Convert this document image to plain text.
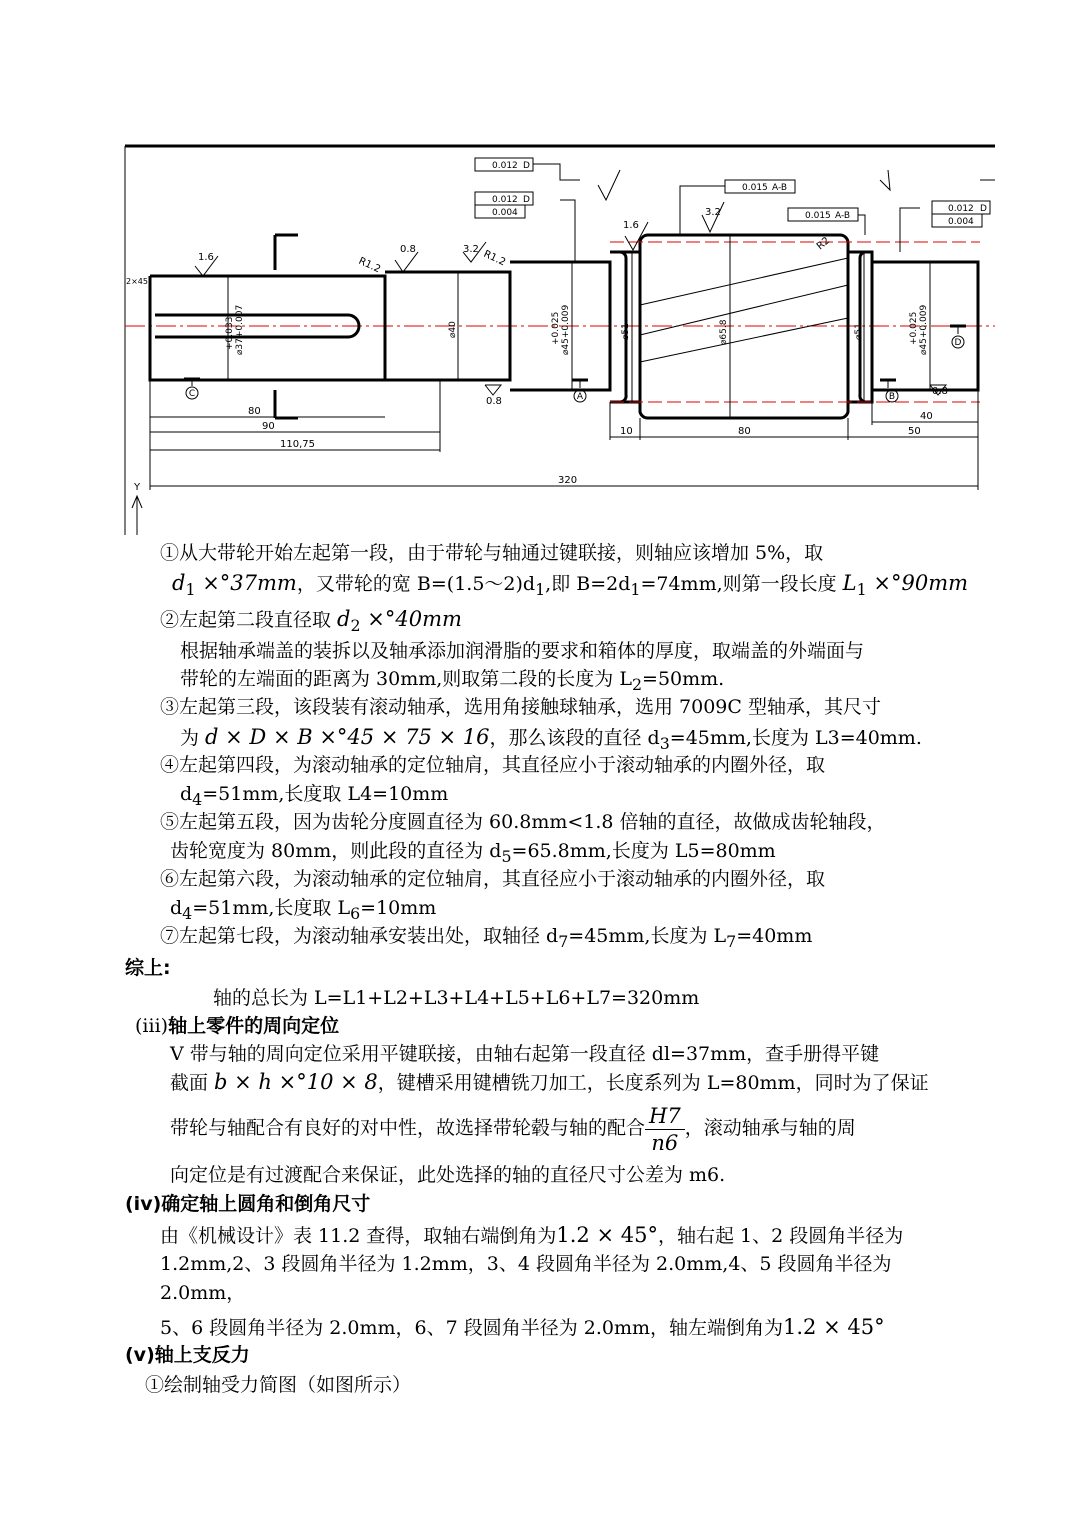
0.012 D
0.012 D
0.004
0.015 A-B
0.015 A-B
0.012 D
0.004
1.6
0.8	3.2
1.6
3.2
0.8
0.8
R1.2	R1.2
R2
2×45°
⌀37+0.007
+0.033	⌀40	⌀45+0.009
+0.025	⌀51	⌀65.8	⌀51	⌀45+0.009
+0.025
80
90
110,75
320
10	80	50
40
Y
C	A	B
D
①从大带轮开始左起第一段，由于带轮与轴通过键联接，则轴应该增加 5%，取
$d_1 \times^\circ 37mm$，又带轮的宽 $B=(1.5\sim 2)d_1$,即 $B=2d_1=74mm$,则第一段长度 $L_1 \times^\circ 90mm$
②左起第二段直径取 $d_2 \times^\circ 40mm$
根据轴承端盖的装拆以及轴承添加润滑脂的要求和箱体的厚度，取端盖的外端面与
带轮的左端面的距离为 30mm,则取第二段的长度为 $L_2=50mm$.
③左起第三段，该段装有滚动轴承，选用角接触球轴承，选用 7009C 型轴承，其尺寸
为 d × D × B ×°45 × 75 × 16，那么该段的直径 $d_3=45mm$,长度为 L3=40mm.
④左起第四段，为滚动轴承的定位轴肩，其直径应小于滚动轴承的内圈外径，取
$d_4=51mm$,长度取 L4=10mm
⑤左起第五段，因为齿轮分度圆直径为 60.8mm<1.8 倍轴的直径，故做成齿轮轴段，
齿轮宽度为 80mm，则此段的直径为 $d_5=65.8mm$,长度为 L5=80mm
⑥左起第六段，为滚动轴承的定位轴肩，其直径应小于滚动轴承的内圈外径，取
$d_4=51mm$,长度取 $L_6=10mm$
⑦左起第七段，为滚动轴承安装出处，取轴径 $d_7=45mm$,长度为 $L_7=40mm$
综上:
轴的总长为 L=L1+L2+L3+L4+L5+L6+L7=320mm
(iii)轴上零件的周向定位
V 带与轴的周向定位采用平键联接，由轴右起第一段直径 dl=37mm，查手册得平键
截面 b × h ×°10 × 8，键槽采用键槽铣刀加工，长度系列为 L=80mm，同时为了保证
带轮与轴配合有良好的对中性，故选择带轮毂与轴的配合 $\frac{H7}{n6}$ ，滚动轴承与轴的周
向定位是有过渡配合来保证，此处选择的轴的直径尺寸公差为 m6.
(iv)确定轴上圆角和倒角尺寸
由《机械设计》表 11.2 查得，取轴右端倒角为1.2 × 45°，轴右起 1、2 段圆角半径为
1.2mm,2、3 段圆角半径为 1.2mm，3、4 段圆角半径为 2.0mm,4、5 段圆角半径为
2.0mm，
5、6 段圆角半径为 2.0mm，6、7 段圆角半径为 2.0mm，轴左端倒角为1.2 × 45°
(v)轴上支反力
①绘制轴受力简图（如图所示）
